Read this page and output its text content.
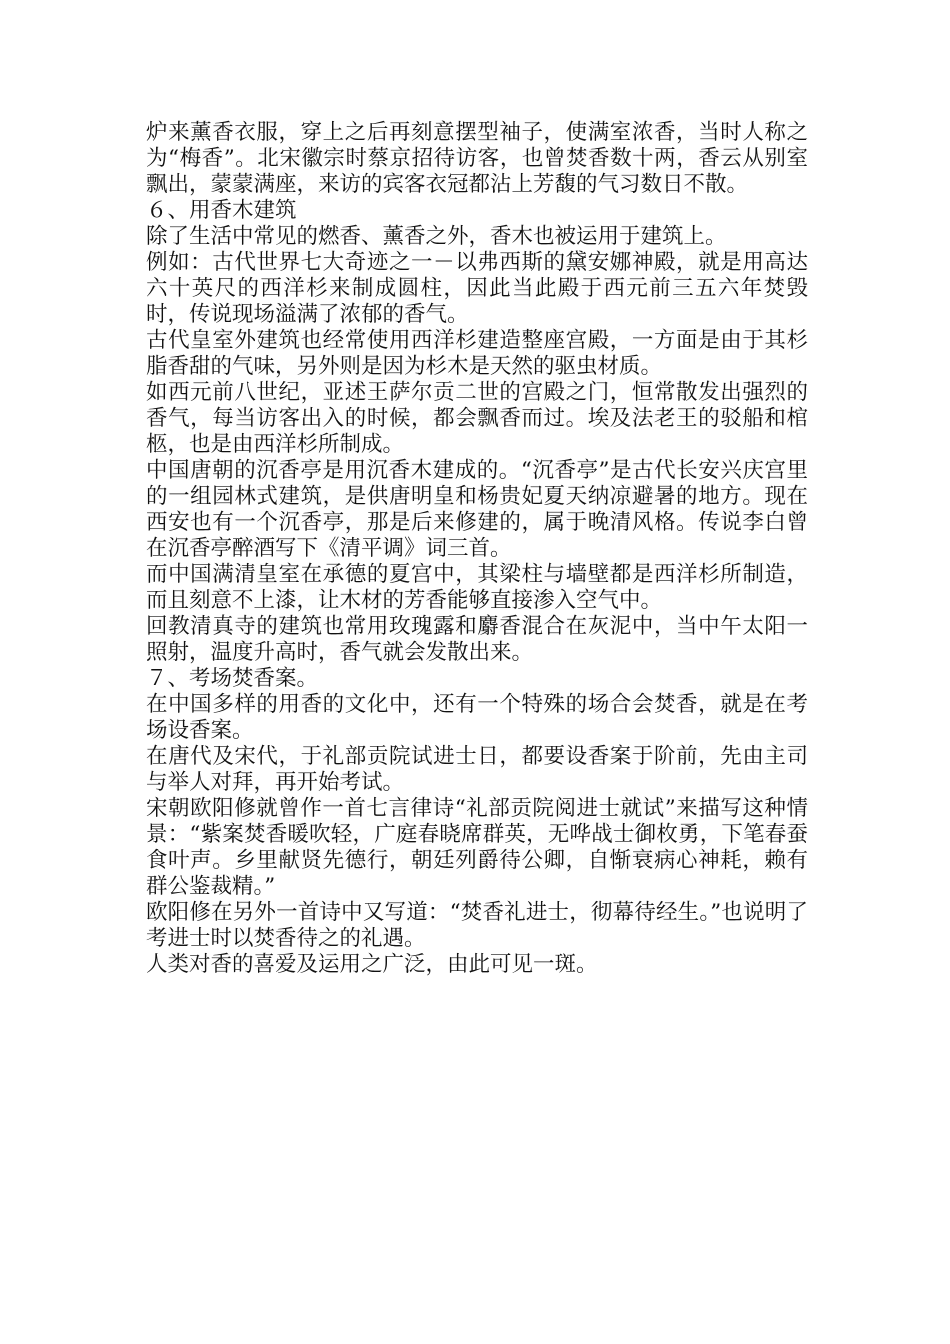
炉来薰香衣服，穿上之后再刻意摆型袖子，使满室浓香，当时人称之为“梅香”。北宋徽宗时蔡京招待访客，也曾焚香数十两，香云从别室飘出，蒙蒙满座，来访的宾客衣冠都沾上芳馥的气习数日不散。

６、用香木建筑

除了生活中常见的燃香、薰香之外，香木也被运用于建筑上。

例如：古代世界七大奇迹之一－以弗西斯的黛安娜神殿，就是用高达六十英尺的西洋杉来制成圆柱，因此当此殿于西元前三五六年焚毁时，传说现场溢满了浓郁的香气。

古代皇室外建筑也经常使用西洋杉建造整座宫殿，一方面是由于其杉脂香甜的气味，另外则是因为杉木是天然的驱虫材质。

如西元前八世纪，亚述王萨尔贡二世的宫殿之门，恒常散发出强烈的香气，每当访客出入的时候，都会飘香而过。埃及法老王的驳船和棺柩，也是由西洋杉所制成。

中国唐朝的沉香亭是用沉香木建成的。“沉香亭”是古代长安兴庆宫里的一组园林式建筑，是供唐明皇和杨贵妃夏天纳凉避暑的地方。现在西安也有一个沉香亭，那是后来修建的，属于晚清风格。传说李白曾在沉香亭醉酒写下《清平调》词三首。

而中国满清皇室在承德的夏宫中，其梁柱与墙壁都是西洋杉所制造，而且刻意不上漆，让木材的芳香能够直接渗入空气中。

回教清真寺的建筑也常用玫瑰露和麝香混合在灰泥中，当中午太阳一照射，温度升高时，香气就会发散出来。

７、考场焚香案。

在中国多样的用香的文化中，还有一个特殊的场合会焚香，就是在考场设香案。

在唐代及宋代，于礼部贡院试进士日，都要设香案于阶前，先由主司与举人对拜，再开始考试。

宋朝欧阳修就曾作一首七言律诗“礼部贡院阅进士就试”来描写这种情景：“紫案焚香暖吹轻，广庭春晓席群英，无哗战士御枚勇，下笔春蚕食叶声。乡里献贤先德行，朝廷列爵待公卿，自惭衰病心神耗，赖有群公鉴裁精。”

欧阳修在另外一首诗中又写道：“焚香礼进士，彻幕待经生。”也说明了考进士时以焚香待之的礼遇。

人类对香的喜爱及运用之广泛，由此可见一斑。
